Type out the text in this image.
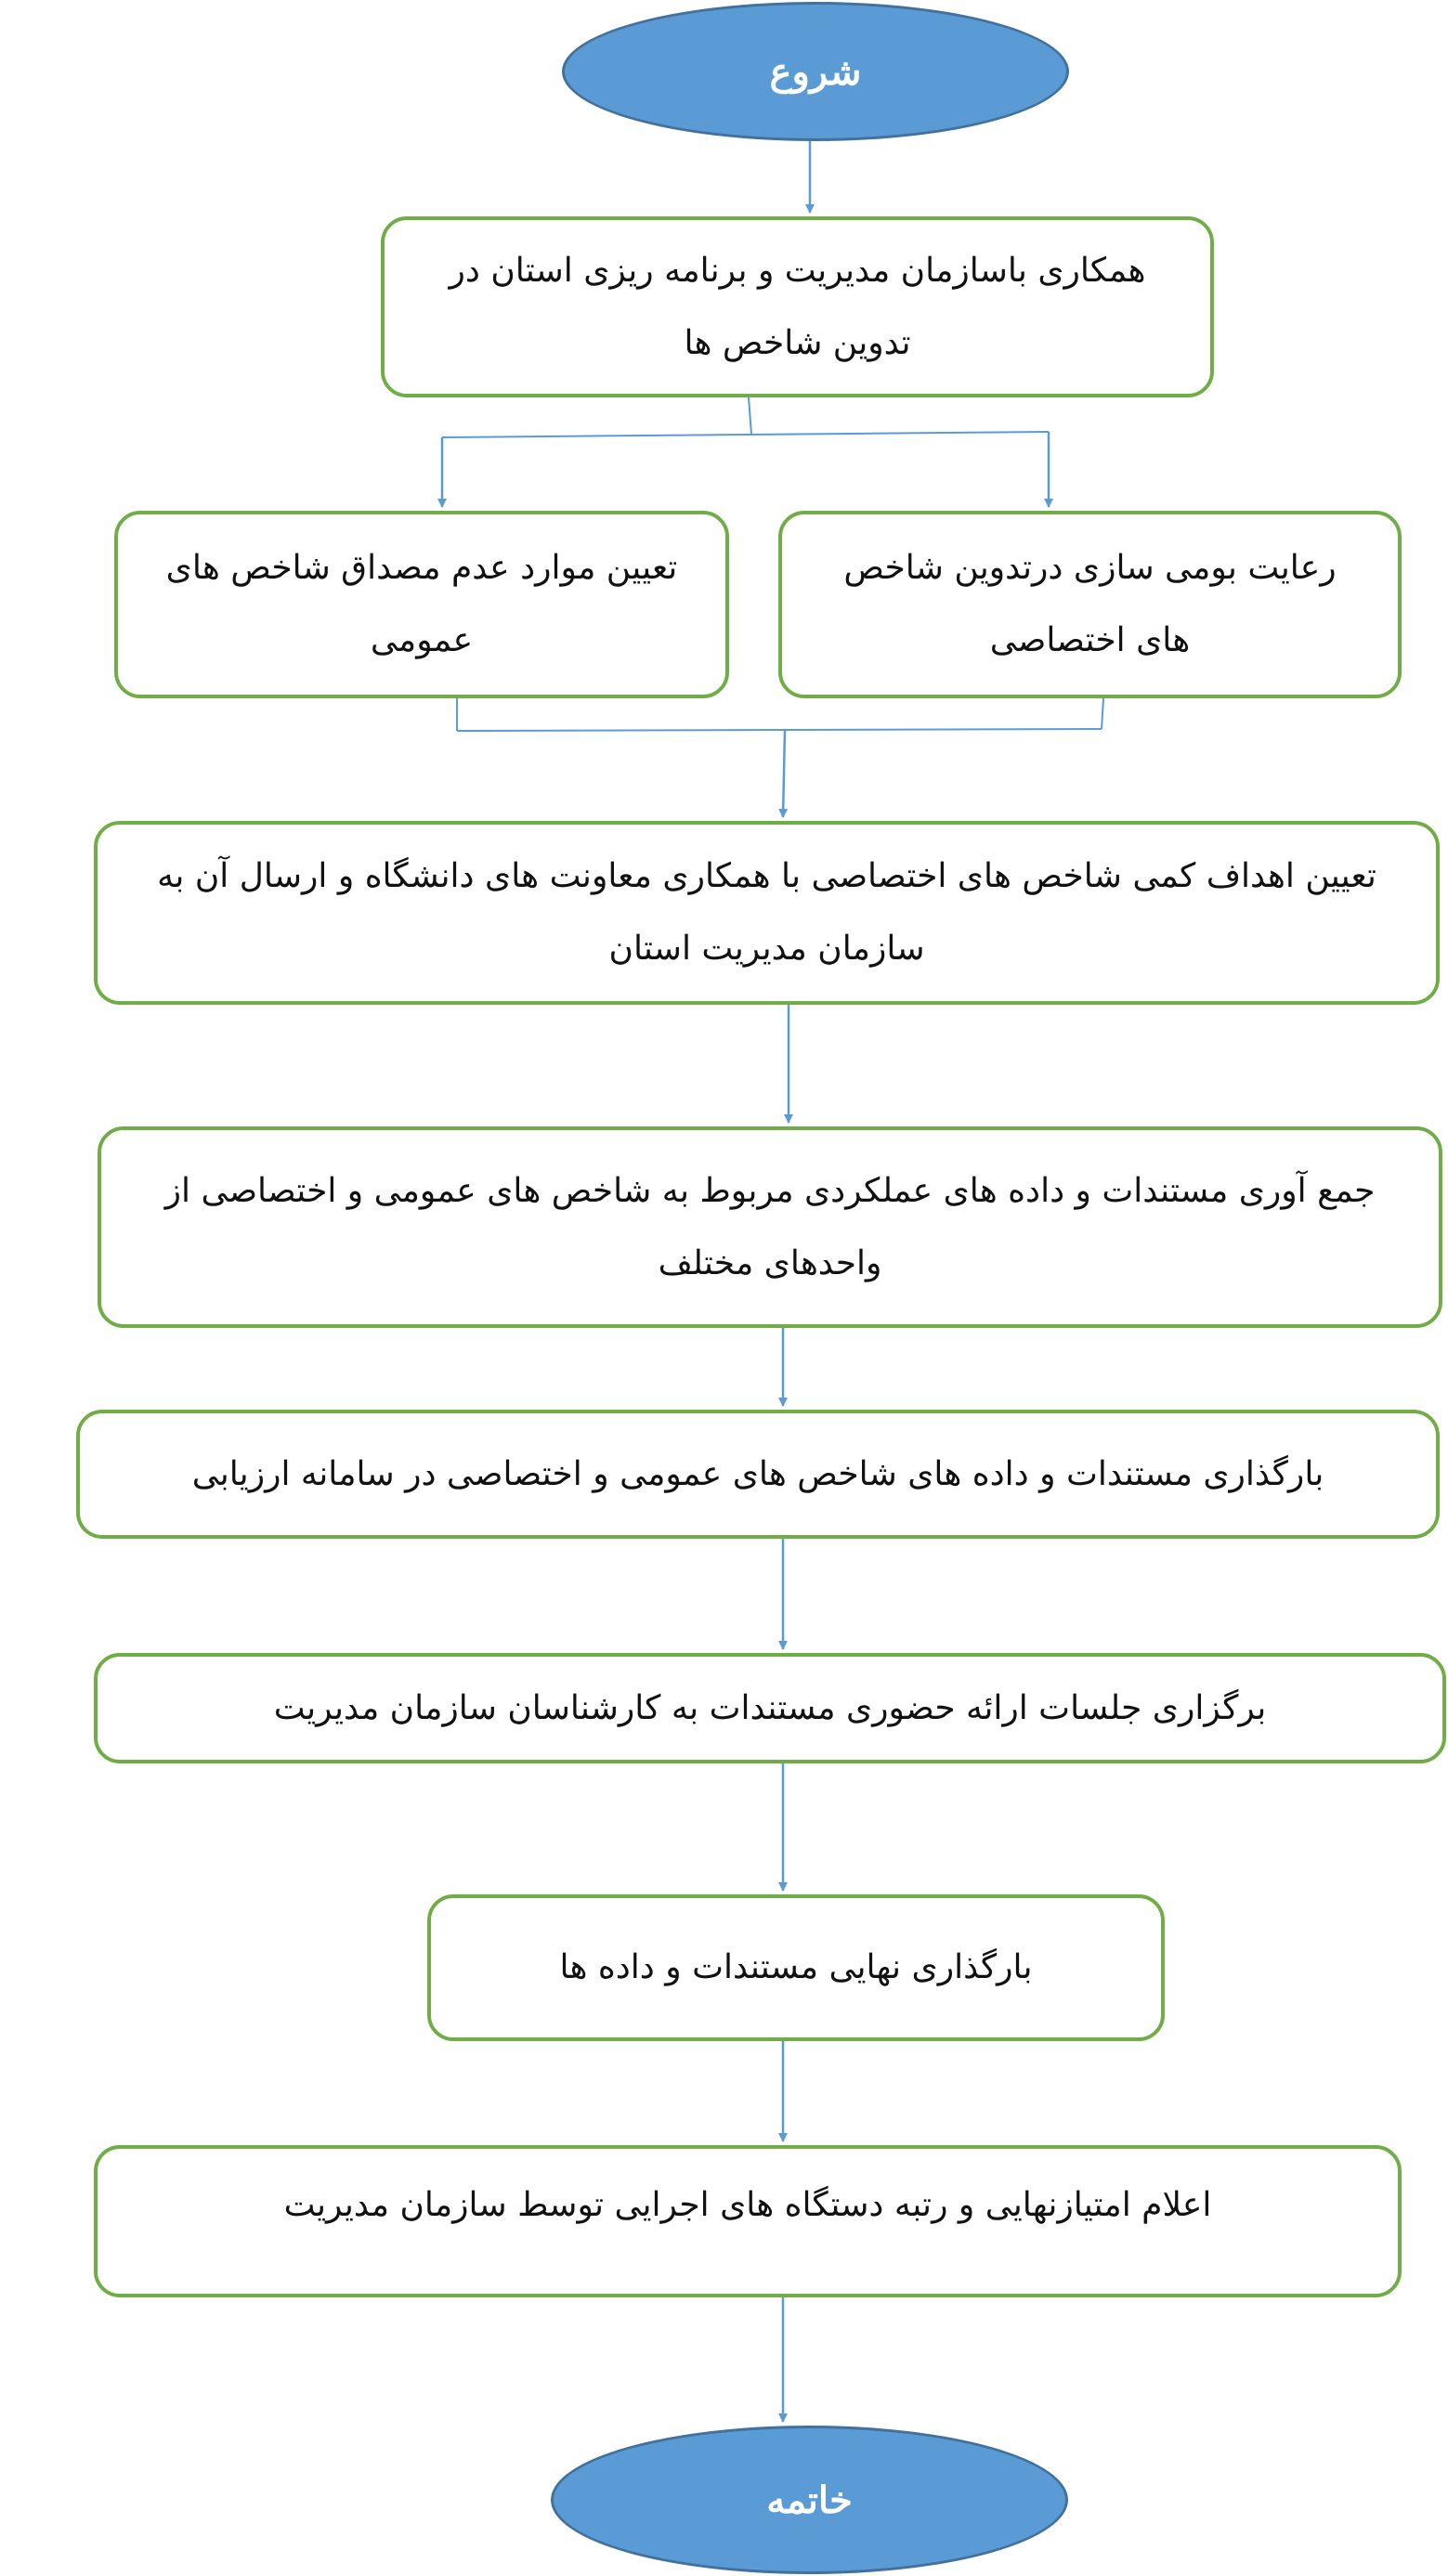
شروع
همکاری باسازمان مدیریت و برنامه ریزی استان در تدوین شاخص ها
رعایت بومی سازی درتدوین شاخص های اختصاصی
تعیین موارد عدم مصداق شاخص های عمومی
تعیین اهداف کمی شاخص های اختصاصی با همکاری معاونت های دانشگاه و ارسال آن به سازمان مدیریت استان
جمع آوری مستندات و داده های عملکردی مربوط به شاخص های عمومی و اختصاصی از واحدهای مختلف
بارگذاری مستندات و داده های شاخص های عمومی و اختصاصی در سامانه ارزیابی
برگزاری جلسات ارائه حضوری مستندات به کارشناسان سازمان مدیریت
بارگذاری نهایی مستندات و داده ها
اعلام امتیازنهایی و رتبه دستگاه های اجرایی توسط سازمان مدیریت
خاتمه
